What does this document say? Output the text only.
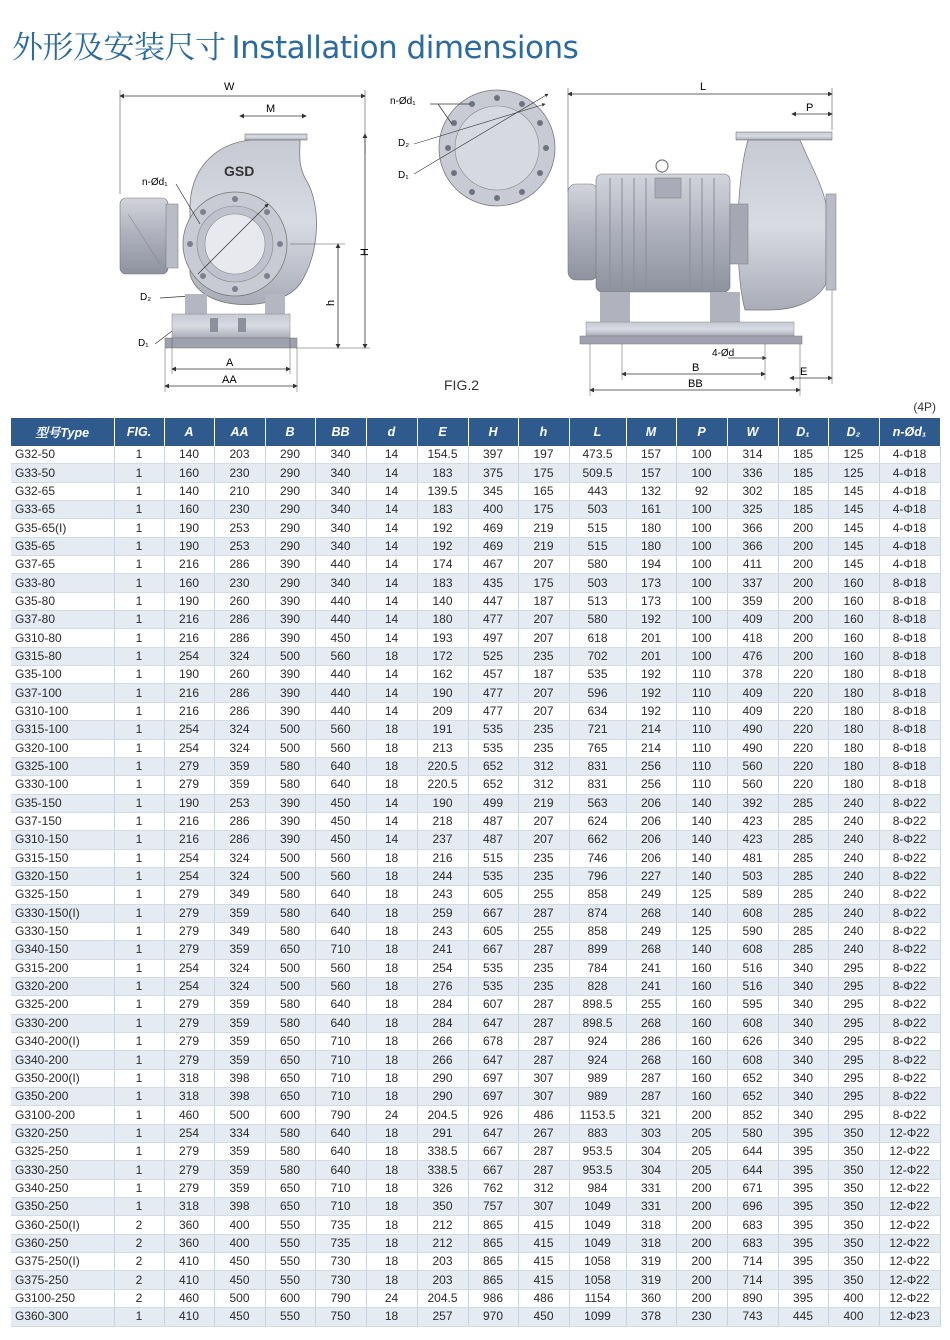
外形及安装尺寸 Installation dimensions
W
M
GSD
n-Ød₁
D₂
D₁
H
h
A
AA
n-Ød₁
D₂
D₁
L
P
4-Ød
B
BB
E
FIG.2
(4P)
型号Type	FIG.	A	AA	B	BB	d	E	H	h	L	M	P	W	D₁	D₂	n-Ød₁
G32-50	1	140	203	290	340	14	154.5	397	197	473.5	157	100	314	185	125	4-Φ18
G33-50	1	160	230	290	340	14	183	375	175	509.5	157	100	336	185	125	4-Φ18
G32-65	1	140	210	290	340	14	139.5	345	165	443	132	92	302	185	145	4-Φ18
G33-65	1	160	230	290	340	14	183	400	175	503	161	100	325	185	145	4-Φ18
G35-65(I)	1	190	253	290	340	14	192	469	219	515	180	100	366	200	145	4-Φ18
G35-65	1	190	253	290	340	14	192	469	219	515	180	100	366	200	145	4-Φ18
G37-65	1	216	286	390	440	14	174	467	207	580	194	100	411	200	145	4-Φ18
G33-80	1	160	230	290	340	14	183	435	175	503	173	100	337	200	160	8-Φ18
G35-80	1	190	260	390	440	14	140	447	187	513	173	100	359	200	160	8-Φ18
G37-80	1	216	286	390	440	14	180	477	207	580	192	100	409	200	160	8-Φ18
G310-80	1	216	286	390	450	14	193	497	207	618	201	100	418	200	160	8-Φ18
G315-80	1	254	324	500	560	18	172	525	235	702	201	100	476	200	160	8-Φ18
G35-100	1	190	260	390	440	14	162	457	187	535	192	110	378	220	180	8-Φ18
G37-100	1	216	286	390	440	14	190	477	207	596	192	110	409	220	180	8-Φ18
G310-100	1	216	286	390	440	14	209	477	207	634	192	110	409	220	180	8-Φ18
G315-100	1	254	324	500	560	18	191	535	235	721	214	110	490	220	180	8-Φ18
G320-100	1	254	324	500	560	18	213	535	235	765	214	110	490	220	180	8-Φ18
G325-100	1	279	359	580	640	18	220.5	652	312	831	256	110	560	220	180	8-Φ18
G330-100	1	279	359	580	640	18	220.5	652	312	831	256	110	560	220	180	8-Φ18
G35-150	1	190	253	390	450	14	190	499	219	563	206	140	392	285	240	8-Φ22
G37-150	1	216	286	390	450	14	218	487	207	624	206	140	423	285	240	8-Φ22
G310-150	1	216	286	390	450	14	237	487	207	662	206	140	423	285	240	8-Φ22
G315-150	1	254	324	500	560	18	216	515	235	746	206	140	481	285	240	8-Φ22
G320-150	1	254	324	500	560	18	244	535	235	796	227	140	503	285	240	8-Φ22
G325-150	1	279	349	580	640	18	243	605	255	858	249	125	589	285	240	8-Φ22
G330-150(I)	1	279	359	580	640	18	259	667	287	874	268	140	608	285	240	8-Φ22
G330-150	1	279	349	580	640	18	243	605	255	858	249	125	590	285	240	8-Φ22
G340-150	1	279	359	650	710	18	241	667	287	899	268	140	608	285	240	8-Φ22
G315-200	1	254	324	500	560	18	254	535	235	784	241	160	516	340	295	8-Φ22
G320-200	1	254	324	500	560	18	276	535	235	828	241	160	516	340	295	8-Φ22
G325-200	1	279	359	580	640	18	284	607	287	898.5	255	160	595	340	295	8-Φ22
G330-200	1	279	359	580	640	18	284	647	287	898.5	268	160	608	340	295	8-Φ22
G340-200(I)	1	279	359	650	710	18	266	678	287	924	286	160	626	340	295	8-Φ22
G340-200	1	279	359	650	710	18	266	647	287	924	268	160	608	340	295	8-Φ22
G350-200(I)	1	318	398	650	710	18	290	697	307	989	287	160	652	340	295	8-Φ22
G350-200	1	318	398	650	710	18	290	697	307	989	287	160	652	340	295	8-Φ22
G3100-200	1	460	500	600	790	24	204.5	926	486	1153.5	321	200	852	340	295	8-Φ22
G320-250	1	254	334	580	640	18	291	647	267	883	303	205	580	395	350	12-Φ22
G325-250	1	279	359	580	640	18	338.5	667	287	953.5	304	205	644	395	350	12-Φ22
G330-250	1	279	359	580	640	18	338.5	667	287	953.5	304	205	644	395	350	12-Φ22
G340-250	1	279	359	650	710	18	326	762	312	984	331	200	671	395	350	12-Φ22
G350-250	1	318	398	650	710	18	350	757	307	1049	331	200	696	395	350	12-Φ22
G360-250(I)	2	360	400	550	735	18	212	865	415	1049	318	200	683	395	350	12-Φ22
G360-250	2	360	400	550	735	18	212	865	415	1049	318	200	683	395	350	12-Φ22
G375-250(I)	2	410	450	550	730	18	203	865	415	1058	319	200	714	395	350	12-Φ22
G375-250	2	410	450	550	730	18	203	865	415	1058	319	200	714	395	350	12-Φ22
G3100-250	2	460	500	600	790	24	204.5	986	486	1154	360	200	890	395	400	12-Φ22
G360-300	1	410	450	550	750	18	257	970	450	1099	378	230	743	445	400	12-Φ23
